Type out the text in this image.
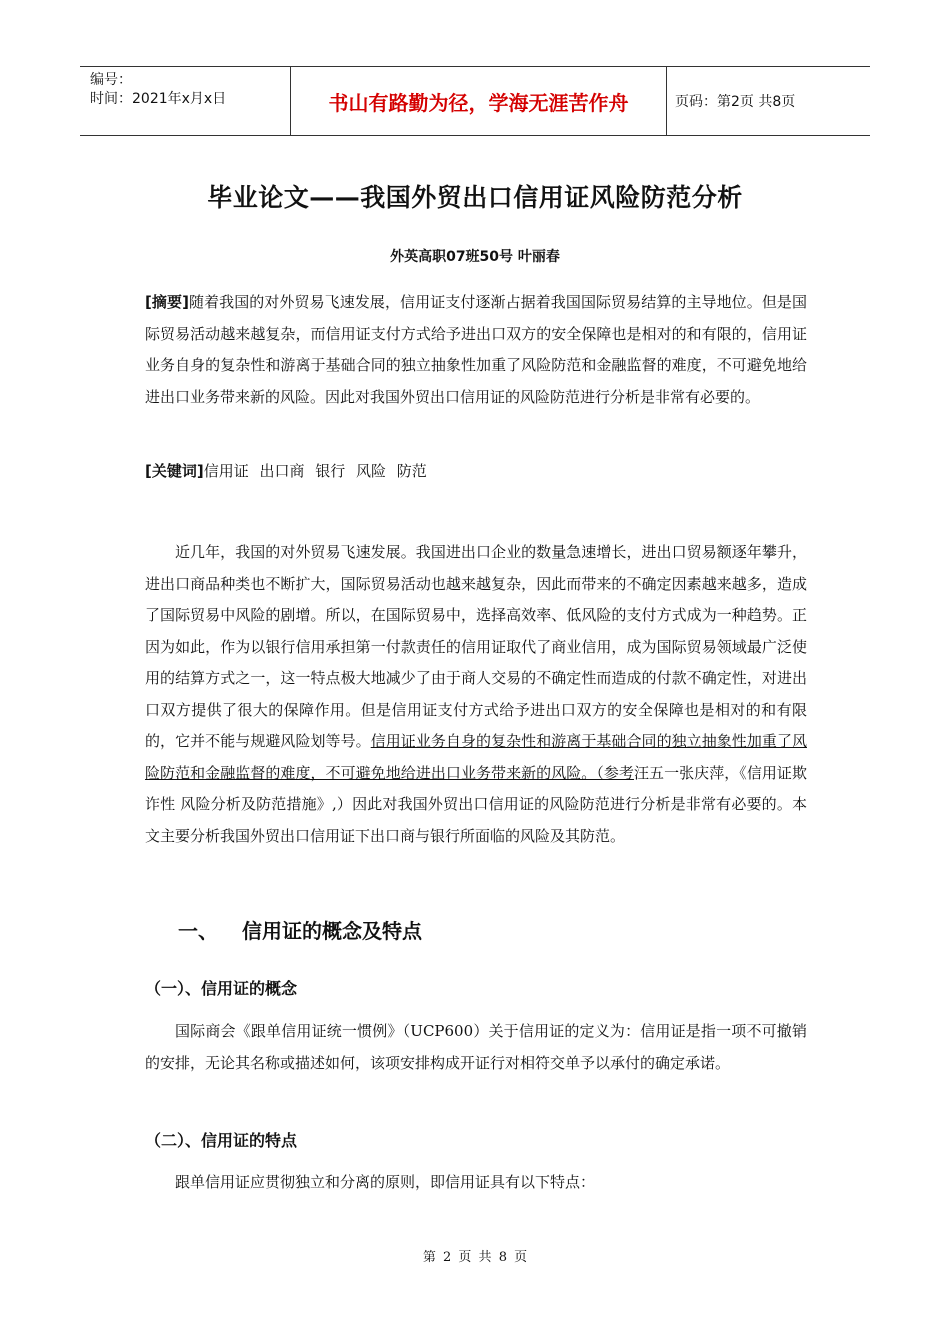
编号：
时间：2021年x月x日	书山有路勤为径，学海无涯苦作舟	页码：第2页 共8页
毕业论文——我国外贸出口信用证风险防范分析
外英高职07班50号 叶丽春

[摘要]随着我国的对外贸易飞速发展，信用证支付逐渐占据着我国国际贸易结算的主导地位。但是国际贸易活动越来越复杂，而信用证支付方式给予进出口双方的安全保障也是相对的和有限的，信用证业务自身的复杂性和游离于基础合同的独立抽象性加重了风险防范和金融监督的难度，不可避免地给进出口业务带来新的风险。因此对我国外贸出口信用证的风险防范进行分析是非常有必要的。

[关键词]信用证 出口商 银行 风险 防范

近几年，我国的对外贸易飞速发展。我国进出口企业的数量急速增长，进出口贸易额逐年攀升，进出口商品种类也不断扩大，国际贸易活动也越来越复杂，因此而带来的不确定因素越来越多，造成了国际贸易中风险的剧增。所以，在国际贸易中，选择高效率、低风险的支付方式成为一种趋势。正因为如此，作为以银行信用承担第一付款责任的信用证取代了商业信用，成为国际贸易领域最广泛使用的结算方式之一，这一特点极大地减少了由于商人交易的不确定性而造成的付款不确定性，对进出口双方提供了很大的保障作用。但是信用证支付方式给予进出口双方的安全保障也是相对的和有限的，它并不能与规避风险划等号。信用证业务自身的复杂性和游离于基础合同的独立抽象性加重了风险防范和金融监督的难度，不可避免地给进出口业务带来新的风险。（参考汪五一张庆萍，《信用证欺诈性 风险分析及防范措施》,）因此对我国外贸出口信用证的风险防范进行分析是非常有必要的。本文主要分析我国外贸出口信用证下出口商与银行所面临的风险及其防范。

一、 信用证的概念及特点
（一）、信用证的概念

国际商会《跟单信用证统一惯例》（UCP600）关于信用证的定义为：信用证是指一项不可撤销的安排，无论其名称或描述如何，该项安排构成开证行对相符交单予以承付的确定承诺。

（二）、信用证的特点

跟单信用证应贯彻独立和分离的原则，即信用证具有以下特点：

第 2 页 共 8 页
